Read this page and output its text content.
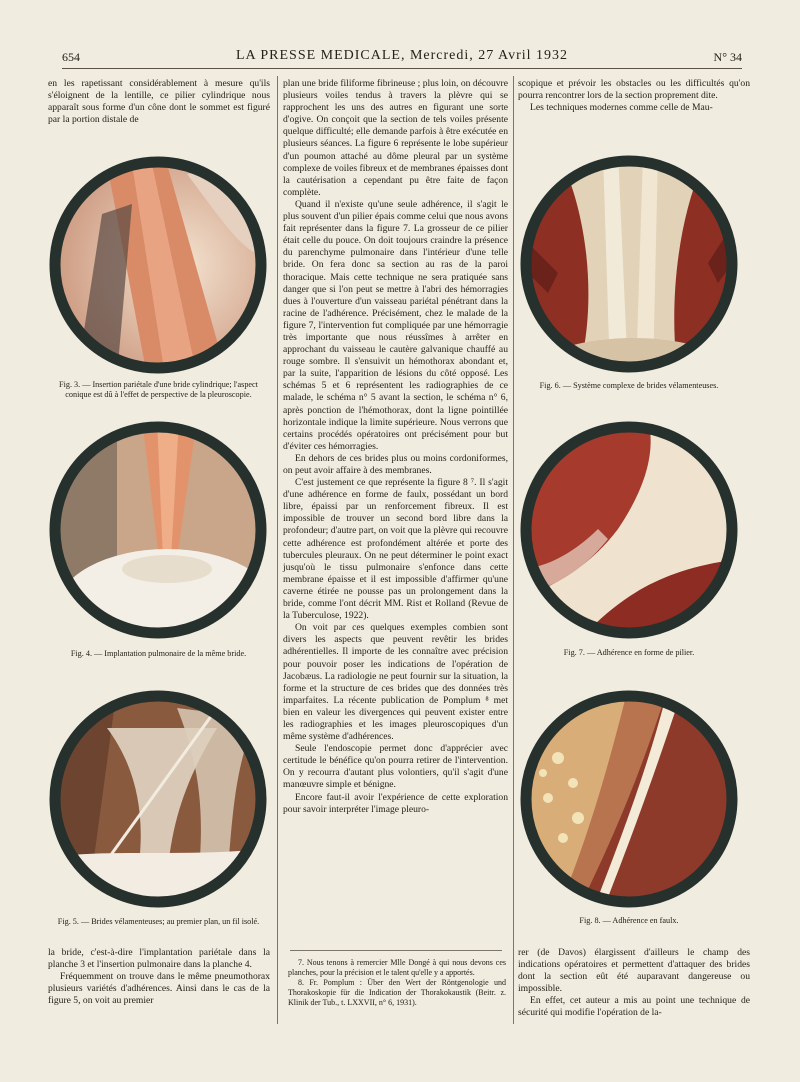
654	LA PRESSE MEDICALE, Mercredi, 27 Avril 1932	N° 34

en les rapetissant considérablement à mesure qu'ils s'éloignent de la lentille, ce pilier cylindrique nous apparaît sous forme d'un cône dont le sommet est figuré par la portion distale de

Fig. 3. — Insertion pariétale d'une bride cylindrique; l'aspect conique est dû à l'effet de perspective de la pleuroscopie.
Fig. 4. — Implantation pulmonaire de la même bride.
Fig. 5. — Brides vélamenteuses; au premier plan, un fil isolé.

la bride, c'est-à-dire l'implantation pariétale dans la planche 3 et l'insertion pulmonaire dans la planche 4.

Fréquemment on trouve dans le même pneumothorax plusieurs variétés d'adhérences. Ainsi dans le cas de la figure 5, on voit au premier

plan une bride filiforme fibrineuse ; plus loin, on découvre plusieurs voiles tendus à travers la plèvre qui se rapprochent les uns des autres en figurant une sorte d'ogive. On conçoit que la section de tels voiles présente quelque difficulté; elle demande parfois à être exécutée en plusieurs séances. La figure 6 représente le lobe supérieur d'un poumon attaché au dôme pleural par un système complexe de voiles fibreux et de membranes épaisses dont la cautérisation a cependant pu être faite de façon complète.

Quand il n'existe qu'une seule adhérence, il s'agit le plus souvent d'un pilier épais comme celui que nous avons fait représenter dans la figure 7. La grosseur de ce pilier était celle du pouce. On doit toujours craindre la présence du parenchyme pulmonaire dans l'intérieur d'une telle bride. On fera donc sa section au ras de la paroi thoracique. Mais cette technique ne sera pratiquée sans danger que si l'on peut se mettre à l'abri des hémorragies dues à l'ouverture d'un vaisseau pariétal pénétrant dans la racine de l'adhérence. Précisément, chez le malade de la figure 7, l'intervention fut compliquée par une hémorragie très importante que nous réussîmes à arrêter en approchant du vaisseau le cautère galvanique chauffé au rouge sombre. Il s'ensuivit un hémothorax abondant et, par la suite, l'apparition de lésions du côté opposé. Les schémas 5 et 6 représentent les radiographies de ce malade, le schéma n° 5 avant la section, le schéma n° 6, après ponction de l'hémothorax, dont la ligne pointillée horizontale indique la limite supérieure. Nous verrons que certains procédés opératoires ont précisément pour but d'éviter ces hémorragies.

En dehors de ces brides plus ou moins cordoniformes, on peut avoir affaire à des membranes.

C'est justement ce que représente la figure 8 ⁷. Il s'agit d'une adhérence en forme de faulx, possédant un bord libre, épaissi par un renforcement fibreux. Il est impossible de trouver un second bord libre dans la profondeur; d'autre part, on voit que la plèvre qui recouvre cette adhérence est profondément altérée et porte des tubercules pleuraux. On ne peut déterminer le point exact jusqu'où le tissu pulmonaire s'enfonce dans cette membrane épaisse et il est impossible d'affirmer qu'une caverne étirée ne pousse pas un prolongement dans la bride, comme l'ont décrit MM. Rist et Rolland (Revue de la Tuberculose, 1922).

On voit par ces quelques exemples combien sont divers les aspects que peuvent revêtir les brides adhérentielles. Il importe de les connaître avec précision pour pouvoir poser les indications de l'opération de Jacobæus. La radiologie ne peut fournir sur la situation, la forme et la structure de ces brides que des données très imparfaites. La récente publication de Pomplum ⁸ met bien en valeur les divergences qui peuvent exister entre les radiographies et les images pleuroscopiques d'un même système d'adhérences.

Seule l'endoscopie permet donc d'apprécier avec certitude le bénéfice qu'on pourra retirer de l'intervention. On y recourra d'autant plus volontiers, qu'il s'agit d'une manœuvre simple et bénigne.

Encore faut-il avoir l'expérience de cette exploration pour savoir interpréter l'image pleuro-

7. Nous tenons à remercier Mlle Dongé à qui nous devons ces planches, pour la précision et le talent qu'elle y a apportés.

8. Fr. Pomplum : Über den Wert der Röntgenologie und Thorakoskopie für die Indication der Thorakokaustik (Beitr. z. Klinik der Tub., t. LXXVII, n° 6, 1931).

scopique et prévoir les obstacles ou les difficultés qu'on pourra rencontrer lors de la section proprement dite.

Les techniques modernes comme celle de Mau-

Fig. 6. — Système complexe de brides vélamenteuses.
Fig. 7. — Adhérence en forme de pilier.
Fig. 8. — Adhérence en faulx.

rer (de Davos) élargissent d'ailleurs le champ des indications opératoires et permettent d'attaquer des brides dont la section eût été auparavant dangereuse ou impossible.

En effet, cet auteur a mis au point une technique de sécurité qui modifie l'opération de la-
